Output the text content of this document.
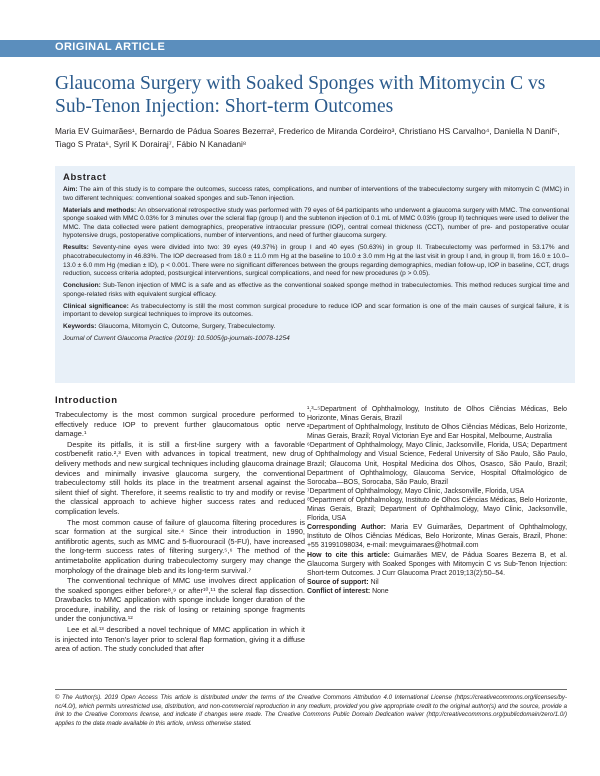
ORIGINAL ARTICLE
Glaucoma Surgery with Soaked Sponges with Mitomycin C vs Sub-Tenon Injection: Short-term Outcomes

Maria EV Guimarães¹, Bernardo de Pádua Soares Bezerra², Frederico de Miranda Cordeiro³, Christiano HS Carvalho⁴, Daniella N Danif⁵, Tiago S Prata⁶, Syril K Dorairaj⁷, Fábio N Kanadani⁸

Abstract

Aim: The aim of this study is to compare the outcomes, success rates, complications, and number of interventions of the trabeculectomy surgery with mitomycin C (MMC) in two different techniques: conventional soaked sponges and sub-Tenon injection.

Materials and methods: An observational retrospective study was performed with 79 eyes of 64 participants who underwent a glaucoma surgery with MMC. The conventional sponge soaked with MMC 0.03% for 3 minutes over the scleral flap (group I) and the subtenon injection of 0.1 mL of MMC 0.03% (group II) techniques were used to deliver the MMC. The data collected were patient demographics, preoperative intraocular pressure (IOP), central corneal thickness (CCT), number of pre- and postoperative ocular hypotensive drugs, postoperative complications, number of interventions, and need of further glaucoma surgery.

Results: Seventy-nine eyes were divided into two: 39 eyes (49.37%) in group I and 40 eyes (50.63%) in group II. Trabeculectomy was performed in 53.17% and phacotrabeculectomy in 46.83%. The IOP decreased from 18.0 ± 11.0 mm Hg at the baseline to 10.0 ± 3.0 mm Hg at the last visit in group I and, in group II, from 16.0 ± 10.0–13.0 ± 6.0 mm Hg (median ± ID), p < 0.001. There were no significant differences between the groups regarding demographics, median follow-up, IOP in baseline, CCT, drugs reduction, success criteria adopted, postsurgical interventions, surgical complications, and need for new procedures (p > 0.05).

Conclusion: Sub-Tenon injection of MMC is a safe and as effective as the conventional soaked sponge method in trabeculectomies. This method reduces surgical time and sponge-related risks with equivalent surgical efficacy.

Clinical significance: As trabeculectomy is still the most common surgical procedure to reduce IOP and scar formation is one of the main causes of surgical failure, it is important to develop surgical techniques to improve its outcomes.

Keywords: Glaucoma, Mitomycin C, Outcome, Surgery, Trabeculectomy.

Journal of Current Glaucoma Practice (2019): 10.5005/jp-journals-10078-1254

Introduction

Trabeculectomy is the most common surgical procedure performed to effectively reduce IOP to prevent further glaucomatous optic nerve damage.¹

Despite its pitfalls, it is still a first-line surgery with a favorable cost/benefit ratio.²,³ Even with advances in topical treatment, new drug delivery methods and new surgical techniques including glaucoma drainage devices and minimally invasive glaucoma surgery, the conventional trabeculectomy still holds its place in the treatment arsenal against the silent thief of sight. Therefore, it seems realistic to try and modify or revise the classical approach to achieve higher success rates and reduced complication levels.

The most common cause of failure of glaucoma filtering procedures is scar formation at the surgical site.⁴ Since their introduction in 1990, antifibrotic agents, such as MMC and 5-fluorouracil (5-FU), have increased the long-term success rates of filtering surgery.⁵,⁶ The method of the antimetabolite application during trabeculectomy surgery may change the morphology of the drainage bleb and its long-term survival.⁷

The conventional technique of MMC use involves direct application of the soaked sponges either before⁸,⁹ or after¹⁰,¹¹ the scleral flap dissection. Drawbacks to MMC application with sponge include longer duration of the procedure, inability, and the risk of losing or retaining sponge fragments under the conjunctiva.¹²

Lee et al.¹³ described a novel technique of MMC application in which it is injected into Tenon's layer prior to scleral flap formation, giving it a diffuse area of action. The study concluded that after

¹,³–⁵Department of Ophthalmology, Instituto de Olhos Ciências Médicas, Belo Horizonte, Minas Gerais, Brazil

²Department of Ophthalmology, Instituto de Olhos Ciências Médicas, Belo Horizonte, Minas Gerais, Brazil; Royal Victorian Eye and Ear Hospital, Melbourne, Australia

⁶Department of Ophthalmology, Mayo Clinic, Jacksonville, Florida, USA; Department of Ophthalmology and Visual Science, Federal University of São Paulo, São Paulo, Brazil; Glaucoma Unit, Hospital Medicina dos Olhos, Osasco, São Paulo, Brazil; Department of Ophthalmology, Glaucoma Service, Hospital Oftalmológico de Sorocaba—BOS, Sorocaba, São Paulo, Brazil

⁷Department of Ophthalmology, Mayo Clinic, Jacksonville, Florida, USA

⁸Department of Ophthalmology, Instituto de Olhos Ciências Médicas, Belo Horizonte, Minas Gerais, Brazil; Department of Ophthalmology, Mayo Clinic, Jacksonville, Florida, USA

Corresponding Author: Maria EV Guimarães, Department of Ophthalmology, Instituto de Olhos Ciências Médicas, Belo Horizonte, Minas Gerais, Brazil, Phone: +55 31991098034, e-mail: mevguimaraes@hotmail.com

How to cite this article: Guimarães MEV, de Pádua Soares Bezerra B, et al. Glaucoma Surgery with Soaked Sponges with Mitomycin C vs Sub-Tenon Injection: Short-term Outcomes. J Curr Glaucoma Pract 2019;13(2):50–54.

Source of support: Nil

Conflict of interest: None

© The Author(s). 2019 Open Access This article is distributed under the terms of the Creative Commons Attribution 4.0 International License (https://creativecommons.org/licenses/by-nc/4.0/), which permits unrestricted use, distribution, and non-commercial reproduction in any medium, provided you give appropriate credit to the original author(s) and the source, provide a link to the Creative Commons license, and indicate if changes were made. The Creative Commons Public Domain Dedication waiver (http://creativecommons.org/publicdomain/zero/1.0/) applies to the data made available in this article, unless otherwise stated.
